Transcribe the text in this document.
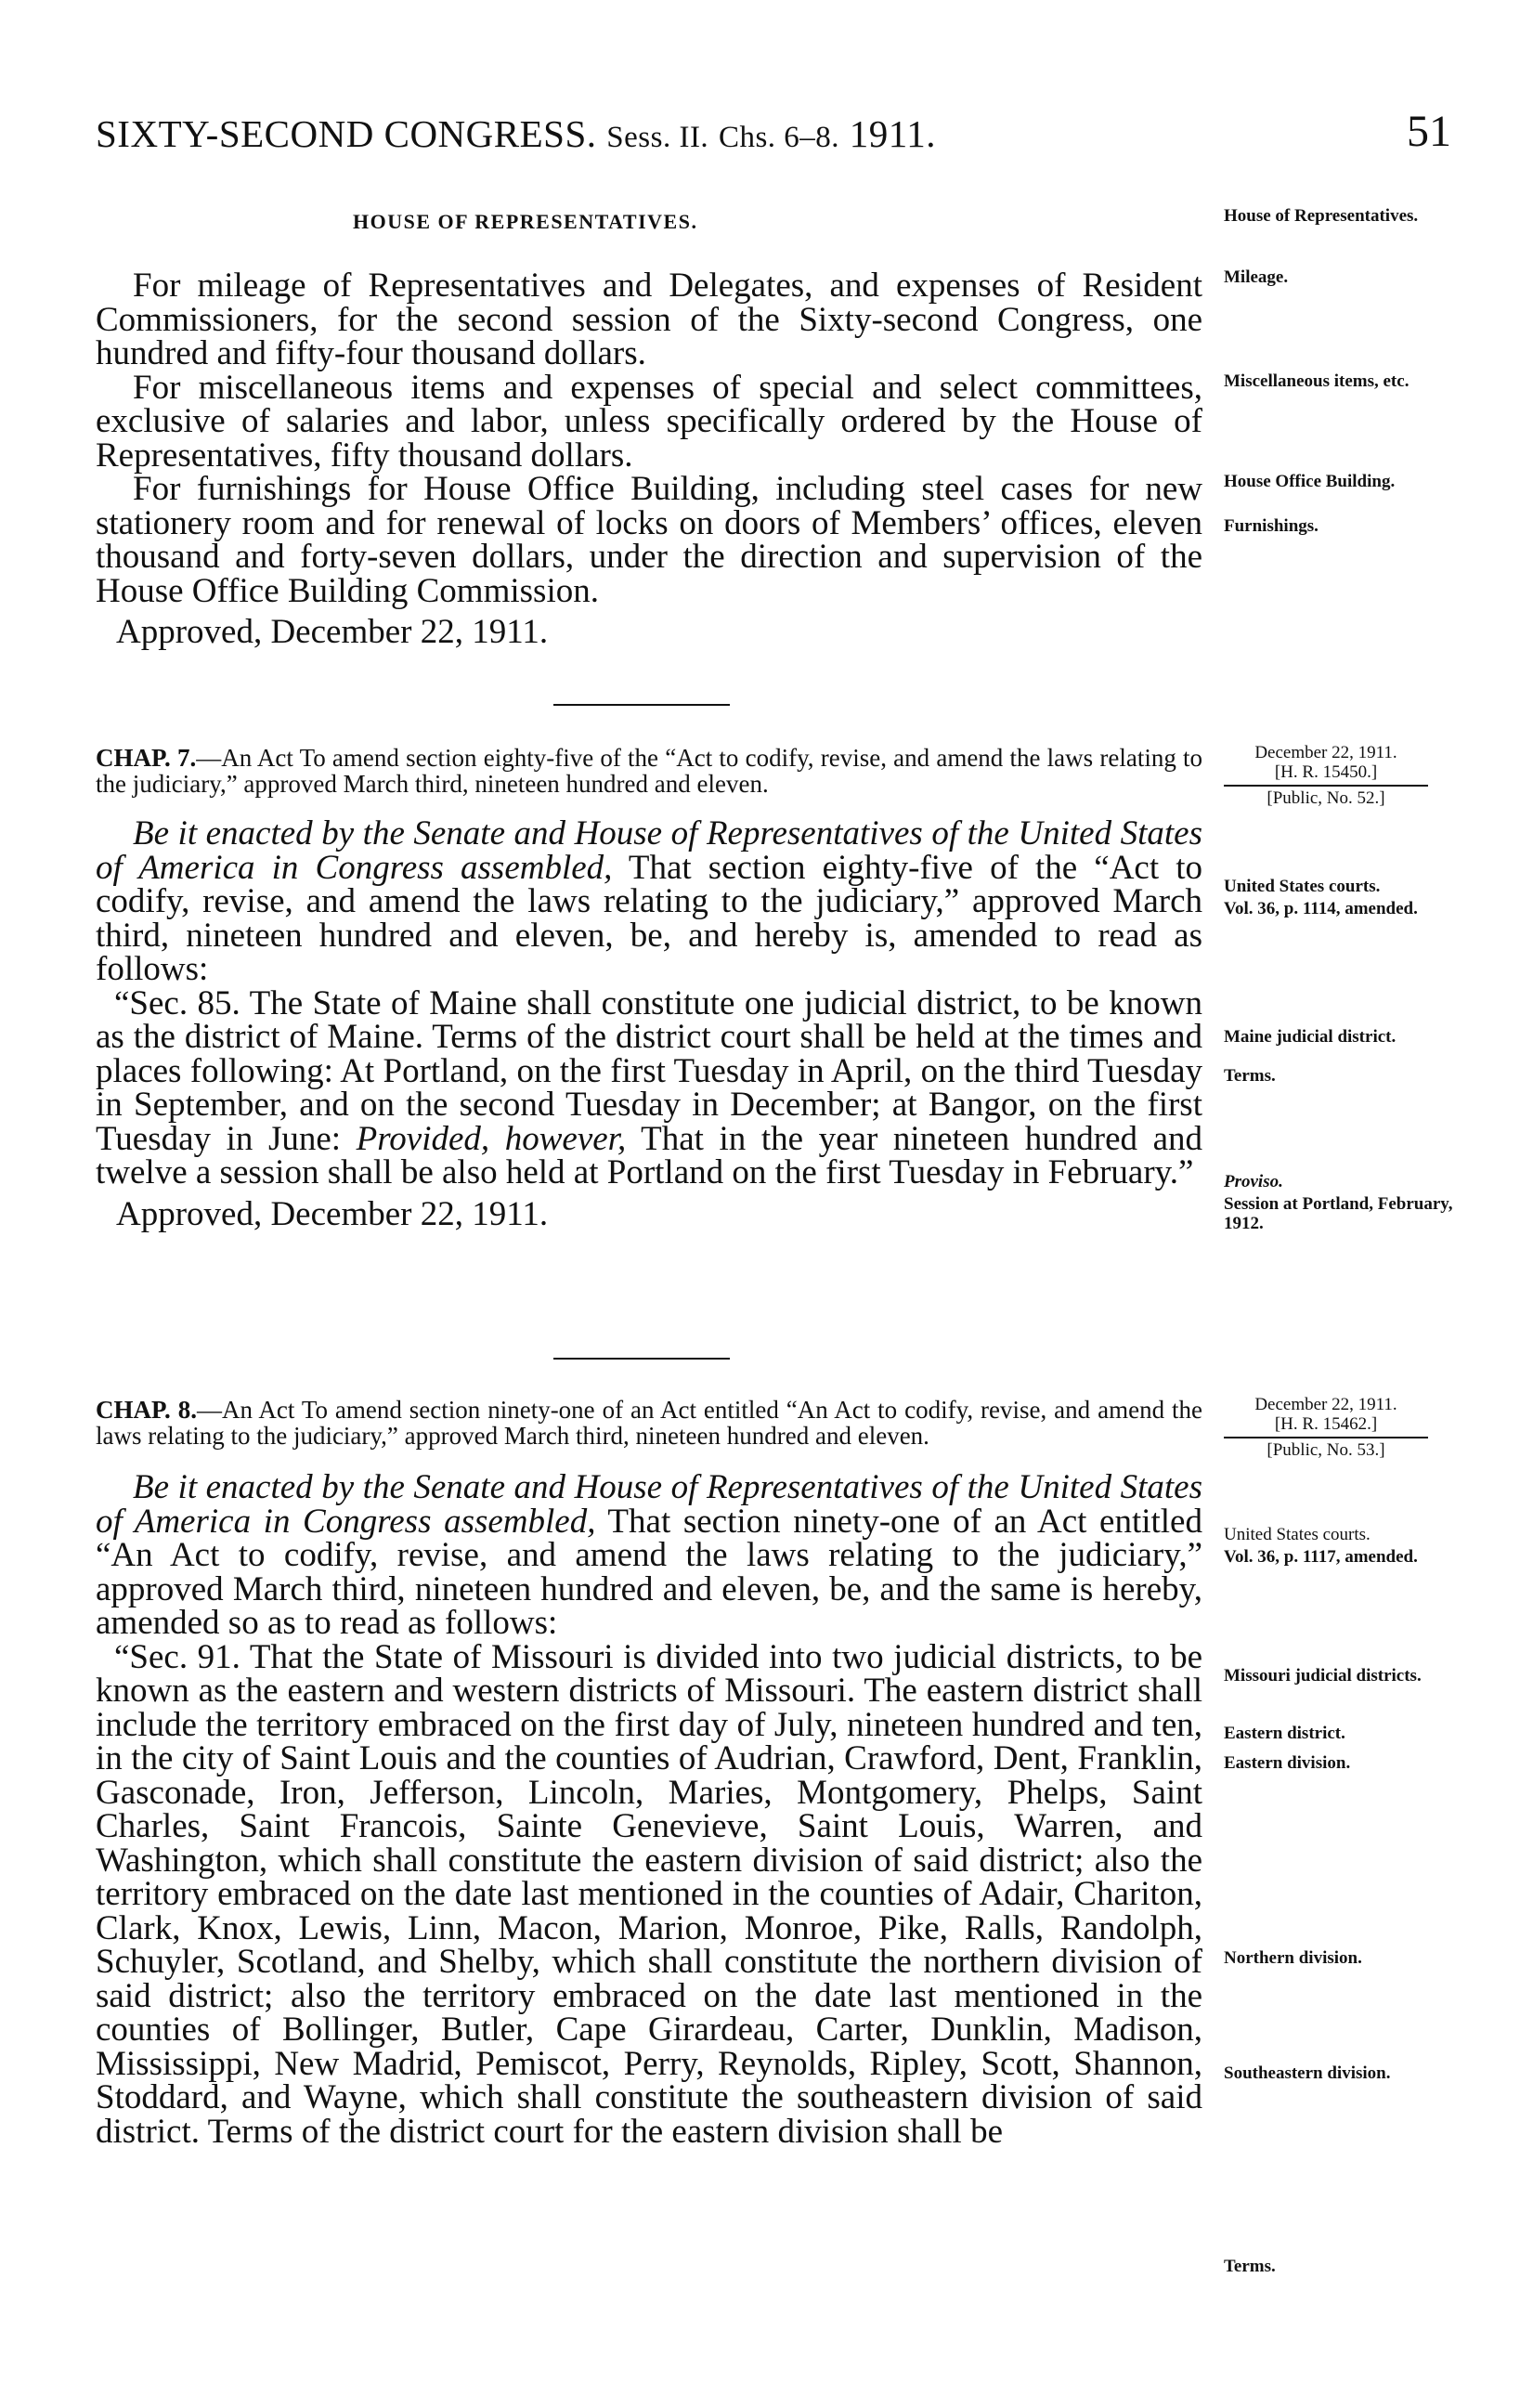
SIXTY-SECOND CONGRESS. Sess. II. Chs. 6–8. 1911.	51
HOUSE OF REPRESENTATIVES.	House of Representatives.
Mileage.
Miscellaneous items, etc.
House Office Building.
Furnishings.
December 22, 1911.
[H. R. 15450.]
[Public, No. 52.]
United States courts.
Vol. 36, p. 1114, amended.
Maine judicial district.
Terms.
Proviso.
Session at Portland, February, 1912.
December 22, 1911.
[H. R. 15462.]
[Public, No. 53.]
United States courts.
Vol. 36, p. 1117, amended.
Missouri judicial districts.
Eastern district.
Eastern division.
Northern division.
Southeastern division.
Terms.

For mileage of Representatives and Delegates, and expenses of Resident Commissioners, for the second session of the Sixty-second Congress, one hundred and fifty-four thousand dollars.

For miscellaneous items and expenses of special and select committees, exclusive of salaries and labor, unless specifically ordered by the House of Representatives, fifty thousand dollars.

For furnishings for House Office Building, including steel cases for new stationery room and for renewal of locks on doors of Members’ offices, eleven thousand and forty-seven dollars, under the direction and supervision of the House Office Building Commission.

Approved, December 22, 1911.

CHAP. 7.—An Act To amend section eighty-five of the “Act to codify, revise, and amend the laws relating to the judiciary,” approved March third, nineteen hundred and eleven.

Be it enacted by the Senate and House of Representatives of the United States of America in Congress assembled, That section eighty-five of the “Act to codify, revise, and amend the laws relating to the judiciary,” approved March third, nineteen hundred and eleven, be, and hereby is, amended to read as follows:

“Sec. 85. The State of Maine shall constitute one judicial district, to be known as the district of Maine. Terms of the district court shall be held at the times and places following: At Portland, on the first Tuesday in April, on the third Tuesday in September, and on the second Tuesday in December; at Bangor, on the first Tuesday in June: Provided, however, That in the year nineteen hundred and twelve a session shall be also held at Portland on the first Tuesday in February.”

Approved, December 22, 1911.

CHAP. 8.—An Act To amend section ninety-one of an Act entitled “An Act to codify, revise, and amend the laws relating to the judiciary,” approved March third, nineteen hundred and eleven.

Be it enacted by the Senate and House of Representatives of the United States of America in Congress assembled, That section ninety-one of an Act entitled “An Act to codify, revise, and amend the laws relating to the judiciary,” approved March third, nineteen hundred and eleven, be, and the same is hereby, amended so as to read as follows:

“Sec. 91. That the State of Missouri is divided into two judicial districts, to be known as the eastern and western districts of Missouri. The eastern district shall include the territory embraced on the first day of July, nineteen hundred and ten, in the city of Saint Louis and the counties of Audrian, Crawford, Dent, Franklin, Gasconade, Iron, Jefferson, Lincoln, Maries, Montgomery, Phelps, Saint Charles, Saint Francois, Sainte Genevieve, Saint Louis, Warren, and Washington, which shall constitute the eastern division of said district; also the territory embraced on the date last mentioned in the counties of Adair, Chariton, Clark, Knox, Lewis, Linn, Macon, Marion, Monroe, Pike, Ralls, Randolph, Schuyler, Scotland, and Shelby, which shall constitute the northern division of said district; also the territory embraced on the date last mentioned in the counties of Bollinger, Butler, Cape Girardeau, Carter, Dunklin, Madison, Mississippi, New Madrid, Pemiscot, Perry, Reynolds, Ripley, Scott, Shannon, Stoddard, and Wayne, which shall constitute the southeastern division of said district. Terms of the district court for the eastern division shall be
